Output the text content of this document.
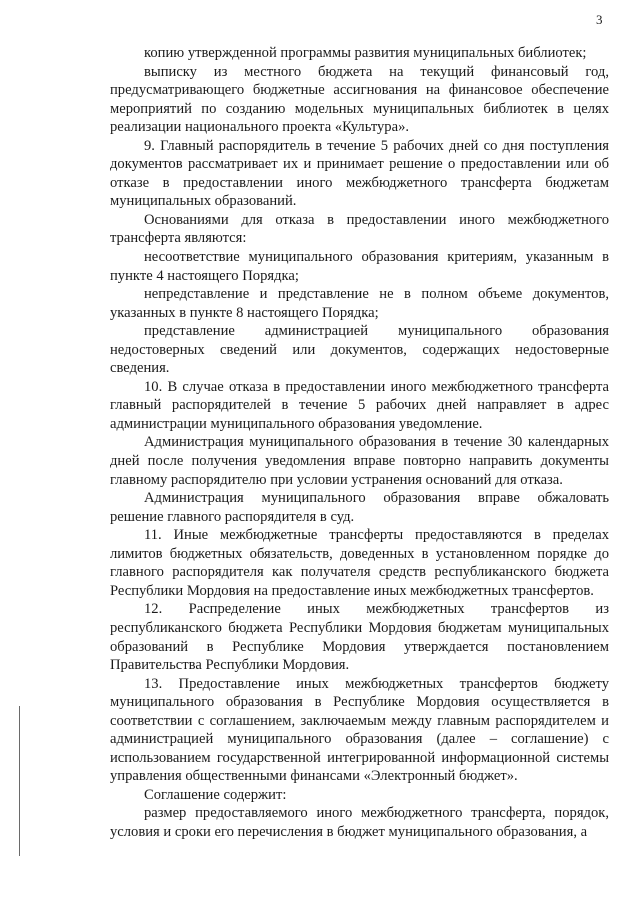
3

копию утвержденной программы развития муниципальных библиотек;

выписку из местного бюджета на текущий финансовый год, предусматривающего бюджетные ассигнования на финансовое обеспечение мероприятий по созданию модельных муниципальных библиотек в целях реализации национального проекта «Культура».

9. Главный распорядитель в течение 5 рабочих дней со дня поступления документов рассматривает их и принимает решение о предоставлении или об отказе в предоставлении иного межбюджетного трансферта бюджетам муниципальных образований.

Основаниями для отказа в предоставлении иного межбюджетного трансферта являются:

несоответствие муниципального образования критериям, указанным в пункте 4 настоящего Порядка;

непредставление и представление не в полном объеме документов, указанных в пункте 8 настоящего Порядка;

представление администрацией муниципального образования недостоверных сведений или документов, содержащих недостоверные сведения.

10. В случае отказа в предоставлении иного межбюджетного трансферта главный распорядителей в течение 5 рабочих дней направляет в адрес администрации муниципального образования уведомление.

Администрация муниципального образования в течение 30 календарных дней после получения уведомления вправе повторно направить документы главному распорядителю при условии устранения оснований для отказа.

Администрация муниципального образования вправе обжаловать решение главного распорядителя в суд.

11. Иные межбюджетные трансферты предоставляются в пределах лимитов бюджетных обязательств, доведенных в установленном порядке до главного распорядителя как получателя средств республиканского бюджета Республики Мордовия на предоставление иных межбюджетных трансфертов.

12. Распределение иных межбюджетных трансфертов из республиканского бюджета Республики Мордовия бюджетам муниципальных образований в Республике Мордовия утверждается постановлением Правительства Республики Мордовия.

13. Предоставление иных межбюджетных трансфертов бюджету муниципального образования в Республике Мордовия осуществляется в соответствии с соглашением, заключаемым между главным распорядителем и администрацией муниципального образования (далее – соглашение) с использованием государственной интегрированной информационной системы управления общественными финансами «Электронный бюджет».

Соглашение содержит:

размер предоставляемого иного межбюджетного трансферта, порядок, условия и сроки его перечисления в бюджет муниципального образования, а
